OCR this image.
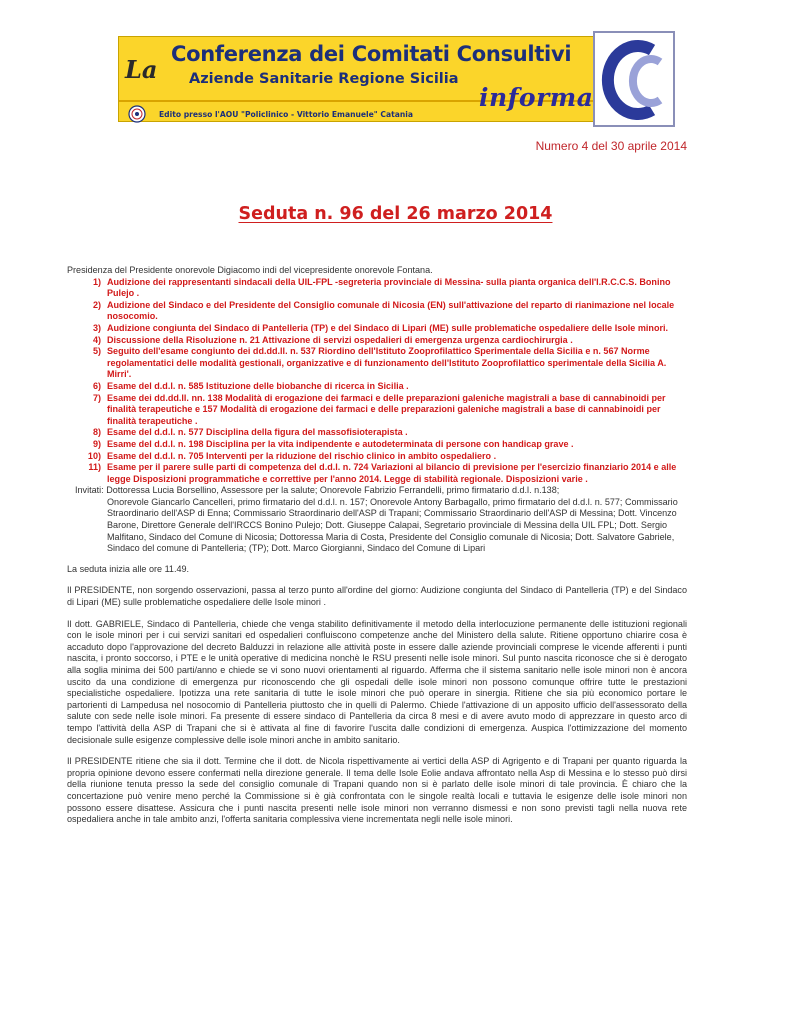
La
Conferenza dei Comitati Consultivi
Aziende Sanitarie Regione Sicilia
informa
Edito presso l'AOU "Policlinico - Vittorio Emanuele" Catania
Numero 4 del 30 aprile 2014
Seduta n. 96 del 26 marzo 2014

Presidenza del Presidente onorevole Digiacomo indi del vicepresidente onorevole Fontana.

1) Audizione dei rappresentanti sindacali della UIL-FPL -segreteria provinciale di Messina- sulla pianta organica dell'I.R.C.C.S. Bonino Pulejo .
2) Audizione del Sindaco e del Presidente del Consiglio comunale di Nicosia (EN) sull'attivazione del reparto di rianimazione nel locale nosocomio.
3) Audizione congiunta del Sindaco di Pantelleria (TP) e del Sindaco di Lipari (ME) sulle problematiche ospedaliere delle Isole minori.
4) Discussione della Risoluzione n. 21 Attivazione di servizi ospedalieri di emergenza urgenza cardiochirurgia .
5) Seguito dell'esame congiunto dei dd.dd.ll. n. 537 Riordino dell'Istituto Zooprofilattico Sperimentale della Sicilia e n. 567 Norme regolamentatici delle modalità gestionali, organizzative e di funzionamento dell'Istituto Zooprofilattico sperimentale della Sicilia A. Mirri'.
6) Esame del d.d.l. n. 585 Istituzione delle biobanche di ricerca in Sicilia .
7) Esame dei dd.dd.ll. nn. 138 Modalità di erogazione dei farmaci e delle preparazioni galeniche magistrali a base di cannabinoidi per finalità terapeutiche e 157 Modalità di erogazione dei farmaci e delle preparazioni galeniche magistrali a base di cannabinoidi per finalità terapeutiche .
8) Esame del d.d.l. n. 577 Disciplina della figura del massofisioterapista .
9) Esame del d.d.l. n. 198 Disciplina per la vita indipendente e autodeterminata di persone con handicap grave .
10) Esame del d.d.l. n. 705 Interventi per la riduzione del rischio clinico in ambito ospedaliero .
11) Esame per il parere sulle parti di competenza del d.d.l. n. 724 Variazioni al bilancio di previsione per l'esercizio finanziario 2014 e alle legge Disposizioni programmatiche e correttive per l'anno 2014. Legge di stabilità regionale. Disposizioni varie .

Invitati: Dottoressa Lucia Borsellino, Assessore per la salute; Onorevole Fabrizio Ferrandelli, primo firmatario d.d.l. n.138;
Onorevole Giancarlo Cancelleri, primo firmatario del d.d.l. n. 157; Onorevole Antony Barbagallo, primo firmatario del d.d.l. n. 577; Commissario Straordinario dell'ASP di Enna; Commissario Straordinario dell'ASP di Trapani; Commissario Straordinario dell'ASP di Messina; Dott. Vincenzo Barone, Direttore Generale dell'IRCCS Bonino Pulejo; Dott. Giuseppe Calapai, Segretario provinciale di Messina della UIL FPL; Dott. Sergio Malfitano, Sindaco del Comune di Nicosia; Dottoressa Maria di Costa, Presidente del Consiglio comunale di Nicosia; Dott. Salvatore Gabriele, Sindaco del comune di Pantelleria; (TP); Dott. Marco Giorgianni, Sindaco del Comune di Lipari

La seduta inizia alle ore 11.49.

Il PRESIDENTE, non sorgendo osservazioni, passa al terzo punto all'ordine del giorno: Audizione congiunta del Sindaco di Pantelleria (TP) e del Sindaco di Lipari (ME) sulle problematiche ospedaliere delle Isole minori .

Il dott. GABRIELE, Sindaco di Pantelleria, chiede che venga stabilito definitivamente il metodo della interlocuzione permanente delle istituzioni regionali con le isole minori per i cui servizi sanitari ed ospedalieri confluiscono competenze anche del Ministero della salute. Ritiene opportuno chiarire cosa è accaduto dopo l'approvazione del decreto Balduzzi in relazione alle attività poste in essere dalle aziende provinciali comprese le vicende afferenti i punti nascita, i pronto soccorso, i PTE e le unità operative di medicina nonchè le RSU presenti nelle isole minori. Sul punto nascita riconosce che si è derogato alla soglia minima dei 500 parti/anno e chiede se vi sono nuovi orientamenti al riguardo. Afferma che il sistema sanitario nelle isole minori non è ancora uscito da una condizione di emergenza pur riconoscendo che gli ospedali delle isole minori non possono comunque offrire tutte le prestazioni specialistiche ospedaliere. Ipotizza una rete sanitaria di tutte le isole minori che può operare in sinergia. Ritiene che sia più economico portare le partorienti di Lampedusa nel nosocomio di Pantelleria piuttosto che in quelli di Palermo. Chiede l'attivazione di un apposito ufficio dell'assessorato della salute con sede nelle isole minori. Fa presente di essere sindaco di Pantelleria da circa 8 mesi e di avere avuto modo di apprezzare in questo arco di tempo l'attività della ASP di Trapani che si è attivata al fine di favorire l'uscita dalle condizioni di emergenza. Auspica l'ottimizzazione del momento decisionale sulle esigenze complessive delle isole minori anche in ambito sanitario.

Il PRESIDENTE ritiene che sia il dott. Termine che il dott. de Nicola rispettivamente ai vertici della ASP di Agrigento e di Trapani per quanto riguarda la propria opinione devono essere confermati nella direzione generale. Il tema delle Isole Eolie andava affrontato nella Asp di Messina e lo stesso può dirsi della riunione tenuta presso la sede del consiglio comunale di Trapani quando non si è parlato delle isole minori di tale provincia. È chiaro che la concertazione può venire meno perché la Commissione si è già confrontata con le singole realtà locali e tuttavia le esigenze delle isole minori non possono essere disattese. Assicura che i punti nascita presenti nelle isole minori non verranno dismessi e non sono previsti tagli nella nuova rete ospedaliera anche in tale ambito anzi, l'offerta sanitaria complessiva viene incrementata negli nelle isole minori.
